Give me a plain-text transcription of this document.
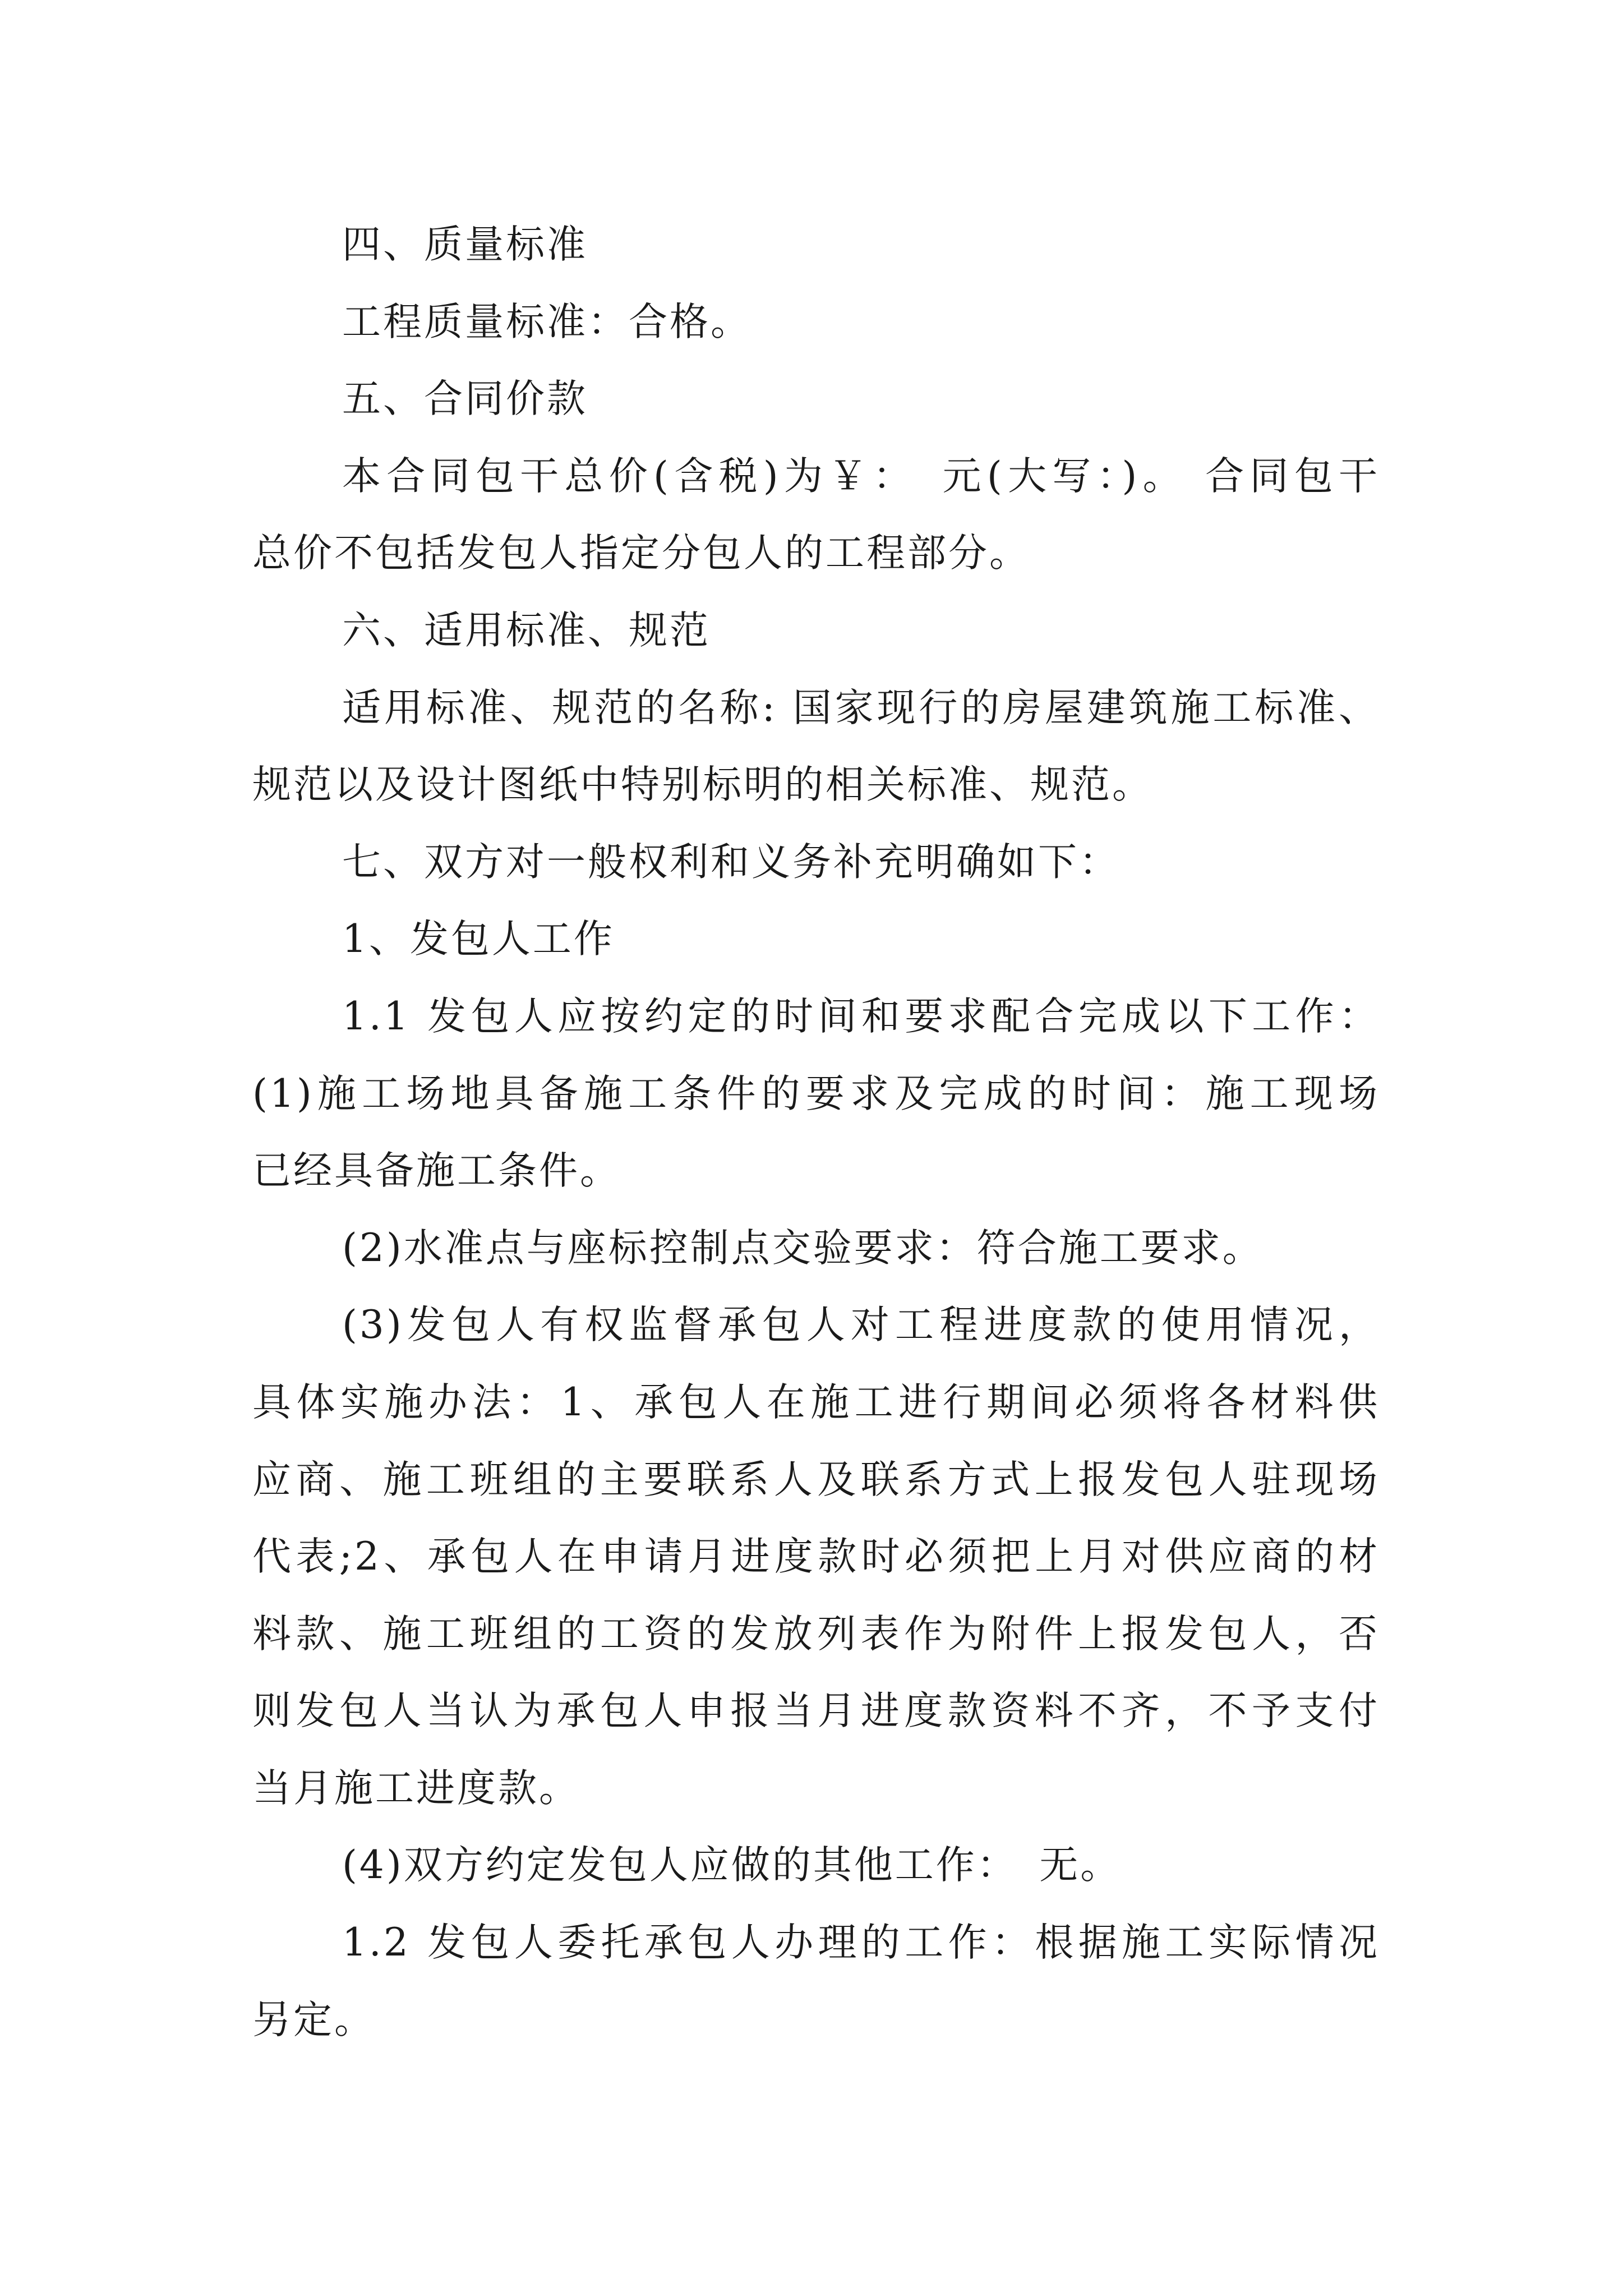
四、质量标准
工程质量标准：合格。
五、合同价款
本合同包干总价(含税)为￥：　元(大写：)。 合同包干
总价不包括发包人指定分包人的工程部分。
六、适用标准、规范
适用标准、规范的名称: 国家现行的房屋建筑施工标准、
规范以及设计图纸中特别标明的相关标准、规范。
七、双方对一般权利和义务补充明确如下：
1、发包人工作
1.1 发包人应按约定的时间和要求配合完成以下工作：
(1)施工场地具备施工条件的要求及完成的时间：施工现场
已经具备施工条件。
(2)水准点与座标控制点交验要求：符合施工要求。
(3)发包人有权监督承包人对工程进度款的使用情况，
具体实施办法：1、承包人在施工进行期间必须将各材料供
应商、施工班组的主要联系人及联系方式上报发包人驻现场
代表;2、承包人在申请月进度款时必须把上月对供应商的材
料款、施工班组的工资的发放列表作为附件上报发包人，否
则发包人当认为承包人申报当月进度款资料不齐，不予支付
当月施工进度款。
(4)双方约定发包人应做的其他工作：　无。
1.2 发包人委托承包人办理的工作：根据施工实际情况
另定。
